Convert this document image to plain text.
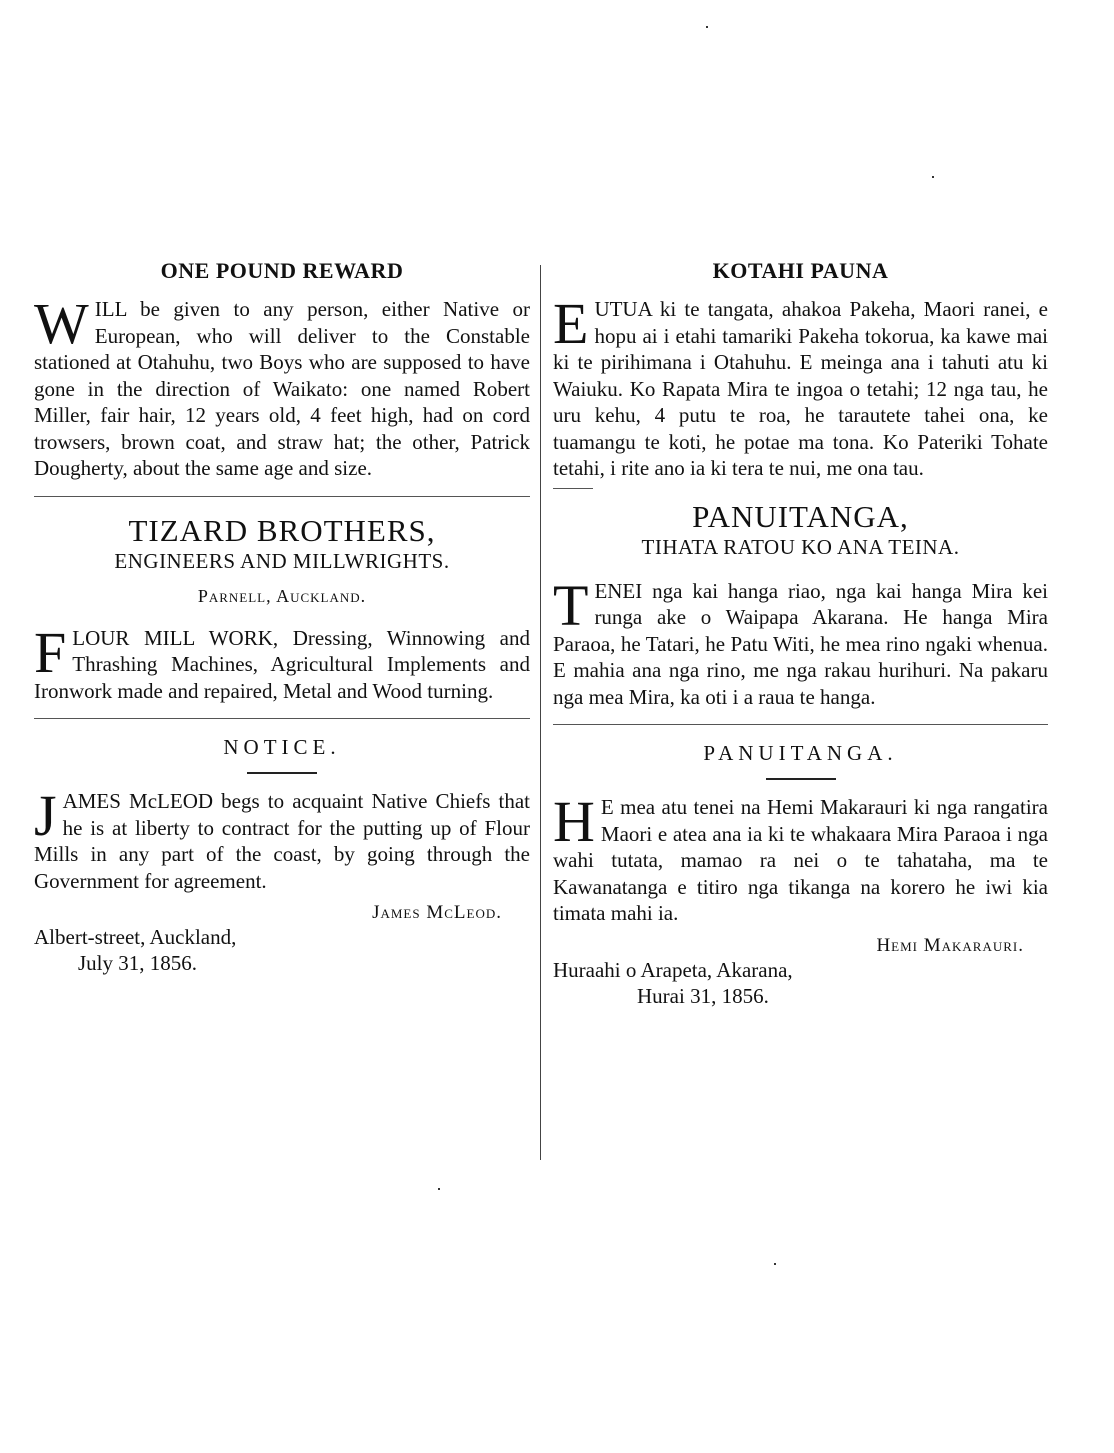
ONE POUND REWARD

WILL be given to any person, either Native or European, who will deliver to the Constable stationed at Otahuhu, two Boys who are supposed to have gone in the direction of Waikato: one named Robert Miller, fair hair, 12 years old, 4 feet high, had on cord trowsers, brown coat, and straw hat; the other, Patrick Dougherty, about the same age and size.

TIZARD BROTHERS,
ENGINEERS AND MILLWRIGHTS.
Parnell, Auckland.

FLOUR MILL WORK, Dressing, Winnowing and Thrashing Machines, Agricultural Implements and Ironwork made and repaired, Metal and Wood turning.

NOTICE.

JAMES McLEOD begs to acquaint Native Chiefs that he is at liberty to contract for the putting up of Flour Mills in any part of the coast, by going through the Government for agreement.

James McLeod.

Albert-street, Auckland,

July 31, 1856.

KOTAHI PAUNA

EUTUA ki te tangata, ahakoa Pakeha, Maori ranei, e hopu ai i etahi tamariki Pakeha tokorua, ka kawe mai ki te pirihimana i Otahuhu. E meinga ana i tahuti atu ki Waiuku. Ko Rapata Mira te ingoa o tetahi; 12 nga tau, he uru kehu, 4 putu te roa, he tarautete tahei ona, ke tuamangu te koti, he potae ma tona. Ko Pateriki Tohate tetahi, i rite ano ia ki tera te nui, me ona tau.

PANUITANGA,
TIHATA RATOU KO ANA TEINA.

TENEI nga kai hanga riao, nga kai hanga Mira kei runga ake o Waipapa Akarana. He hanga Mira Paraoa, he Tatari, he Patu Witi, he mea rino ngaki whenua. E mahia ana nga rino, me nga rakau hurihuri. Na pakaru nga mea Mira, ka oti i a raua te hanga.

PANUITANGA.

H E mea atu tenei na Hemi Makarauri ki nga rangatira Maori e atea ana ia ki te whakaara Mira Paraoa i nga wahi tutata, mamao ra nei o te tahataha, ma te Kawanatanga e titiro nga tikanga na korero he iwi kia timata mahi ia.

Hemi Makarauri.

Huraahi o Arapeta, Akarana,

Hurai 31, 1856.
